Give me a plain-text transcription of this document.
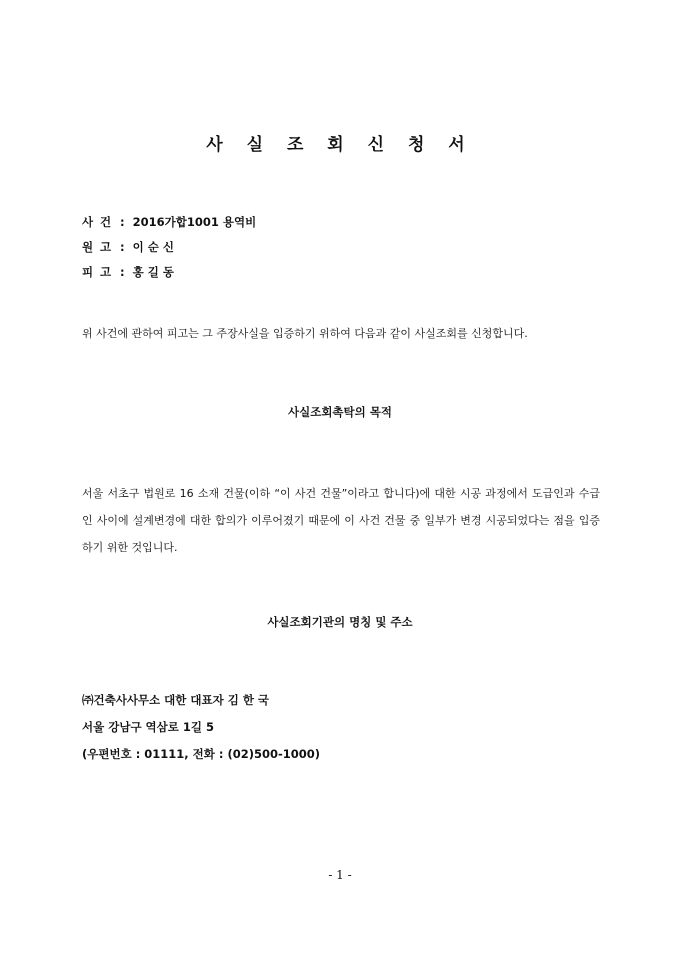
사 실 조 회 신 청 서
사 건 : 2016가합1001 용역비
원 고 : 이 순 신
피 고 : 홍 길 동
위 사건에 관하여 피고는 그 주장사실을 입증하기 위하여 다음과 같이 사실조회를 신청합니다.
사실조회촉탁의 목적
서울 서초구 법원로 16 소재 건물(이하 “이 사건 건물”이라고 합니다)에 대한 시공 과정에서 도급인과 수급인 사이에 설계변경에 대한 합의가 이루어졌기 때문에 이 사건 건물 중 일부가 변경 시공되었다는 점을 입증하기 위한 것입니다.
사실조회기관의 명칭 및 주소
㈜건축사사무소 대한 대표자 김 한 국
서울 강남구 역삼로 1길 5
(우편번호 : 01111, 전화 : (02)500-1000)
- 1 -
